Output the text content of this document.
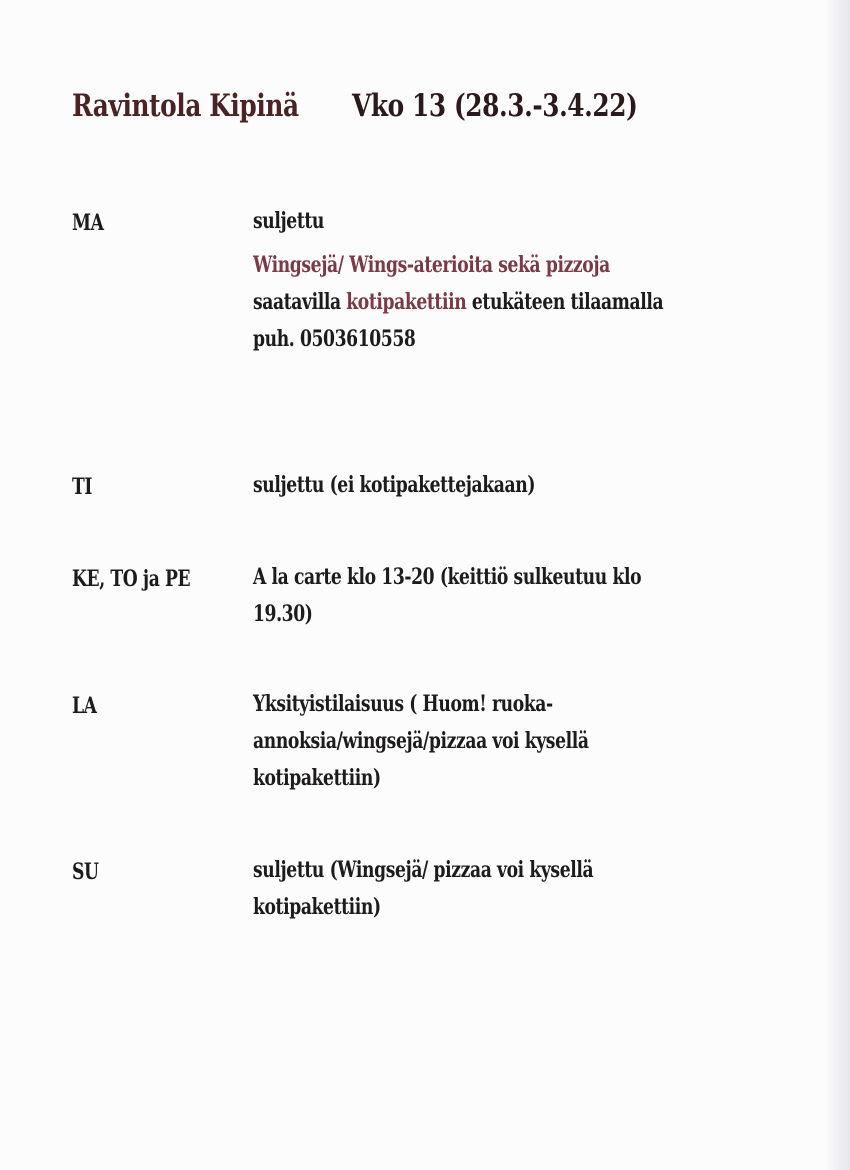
Ravintola Kipinä Vko 13 (28.3.-3.4.22)
MA	suljettu
Wingsejä/ Wings-aterioita sekä pizzoja
saatavilla kotipakettiin etukäteen tilaamalla
puh. 0503610558
TI	suljettu (ei kotipakettejakaan)
KE, TO ja PE	A la carte klo 13-20 (keittiö sulkeutuu klo
19.30)
LA	Yksityistilaisuus ( Huom! ruoka-
annoksia/wingsejä/pizzaa voi kysellä
kotipakettiin)
SU	suljettu (Wingsejä/ pizzaa voi kysellä
kotipakettiin)
